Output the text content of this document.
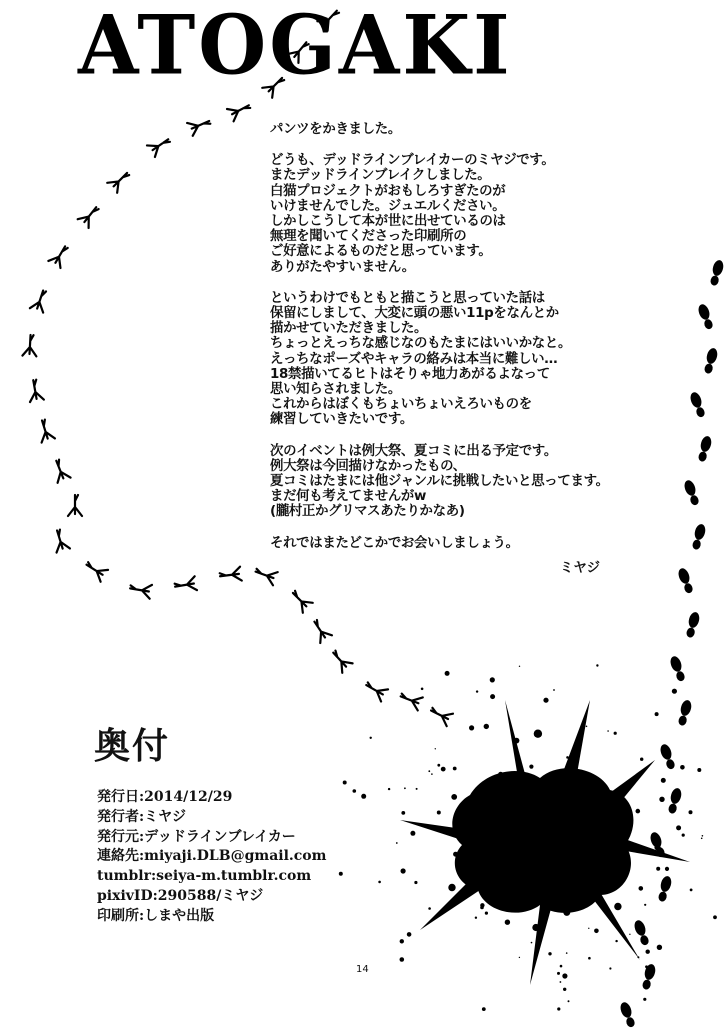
ATOGAKI
パンツをかきました。
どうも、デッドラインブレイカーのミヤジです。
またデッドラインブレイクしました。
白猫プロジェクトがおもしろすぎたのが
いけませんでした。ジュエルください。
しかしこうして本が世に出せているのは
無理を聞いてくださった印刷所の
ご好意によるものだと思っています。
ありがたやすいません。
というわけでもともと描こうと思っていた話は
保留にしまして、大変に頭の悪い11pをなんとか
描かせていただきました。
ちょっとえっちな感じなのもたまにはいいかなと。
えっちなポーズやキャラの絡みは本当に難しい…
18禁描いてるヒトはそりゃ地力あがるよなって
思い知らされました。
これからはぼくもちょいちょいえろいものを
練習していきたいです。
次のイベントは例大祭、夏コミに出る予定です。
例大祭は今回描けなかったもの、
夏コミはたまには他ジャンルに挑戦したいと思ってます。
まだ何も考えてませんがw
(朧村正かグリマスあたりかなあ)
それではまたどこかでお会いしましょう。
ミヤジ
奥付
発行日:2014/12/29
発行者:ミヤジ
発行元:デッドラインブレイカー
連絡先:miyaji.DLB@gmail.com
tumblr:seiya-m.tumblr.com
pixivID:290588/ミヤジ
印刷所:しまや出版
14
